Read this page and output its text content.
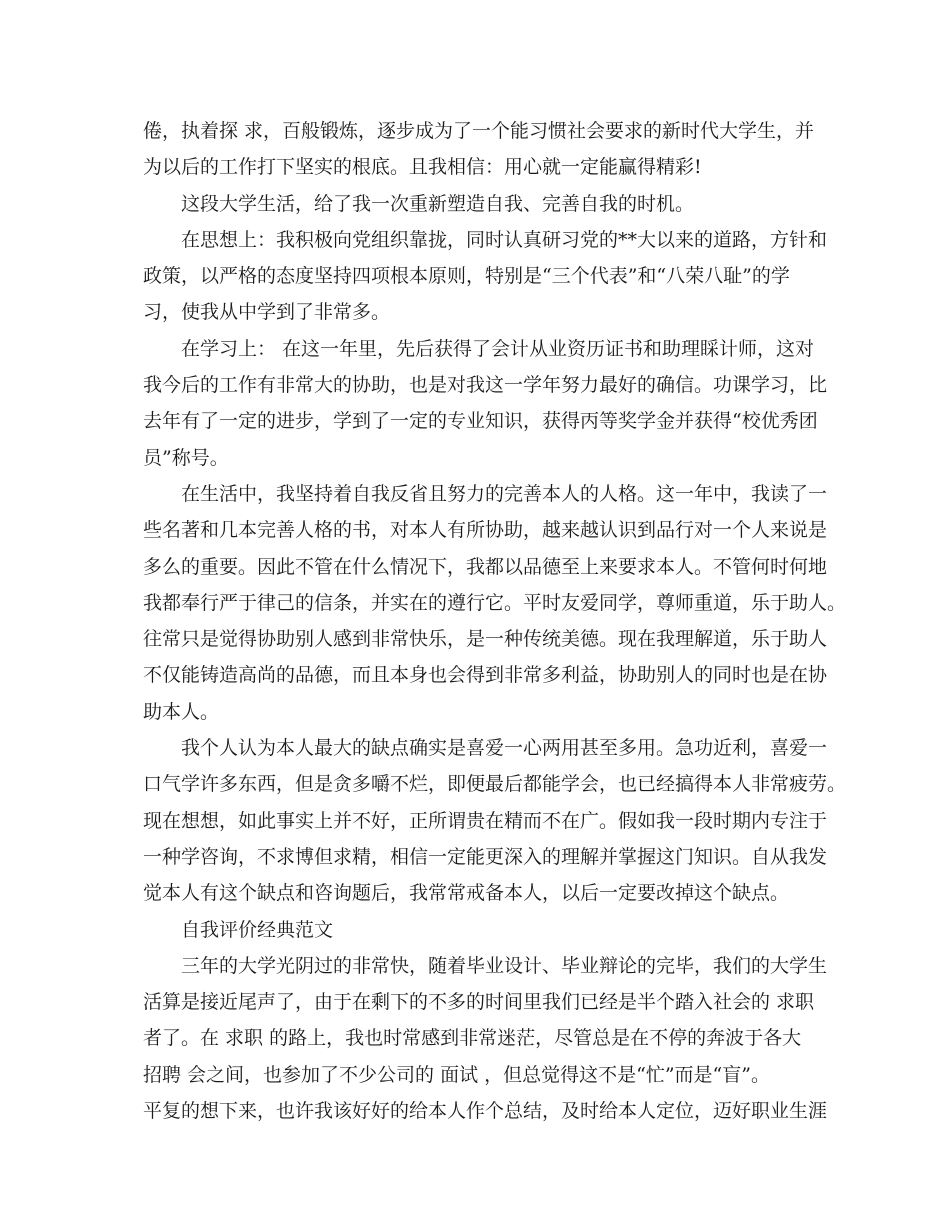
倦，执着探 求，百般锻炼，逐步成为了一个能习惯社会要求的新时代大学生，并
为以后的工作打下坚实的根底。且我相信：用心就一定能赢得精彩!
这段大学生活，给了我一次重新塑造自我、完善自我的时机。
在思想上：我积极向党组织靠拢，同时认真研习党的**大以来的道路，方针和
政策，以严格的态度坚持四项根本原则，特别是“三个代表”和“八荣八耻”的学
习，使我从中学到了非常多。
在学习上： 在这一年里，先后获得了会计从业资历证书和助理睬计师，这对
我今后的工作有非常大的协助，也是对我这一学年努力最好的确信。功课学习，比
去年有了一定的进步，学到了一定的专业知识，获得丙等奖学金并获得“校优秀团
员”称号。
在生活中，我坚持着自我反省且努力的完善本人的人格。这一年中，我读了一
些名著和几本完善人格的书，对本人有所协助，越来越认识到品行对一个人来说是
多么的重要。因此不管在什么情况下，我都以品德至上来要求本人。不管何时何地
我都奉行严于律己的信条，并实在的遵行它。平时友爱同学，尊师重道，乐于助人。
往常只是觉得协助别人感到非常快乐，是一种传统美德。现在我理解道，乐于助人
不仅能铸造高尚的品德，而且本身也会得到非常多利益，协助别人的同时也是在协
助本人。
我个人认为本人最大的缺点确实是喜爱一心两用甚至多用。急功近利，喜爱一
口气学许多东西，但是贪多嚼不烂，即便最后都能学会，也已经搞得本人非常疲劳。
现在想想，如此事实上并不好，正所谓贵在精而不在广。假如我一段时期内专注于
一种学咨询，不求博但求精，相信一定能更深入的理解并掌握这门知识。自从我发
觉本人有这个缺点和咨询题后，我常常戒备本人，以后一定要改掉这个缺点。
自我评价经典范文
三年的大学光阴过的非常快，随着毕业设计、毕业辩论的完毕，我们的大学生
活算是接近尾声了，由于在剩下的不多的时间里我们已经是半个踏入社会的 求职
者了。在 求职 的路上，我也时常感到非常迷茫，尽管总是在不停的奔波于各大
招聘 会之间，也参加了不少公司的 面试 ，但总觉得这不是“忙”而是“盲”。
平复的想下来，也许我该好好的给本人作个总结，及时给本人定位，迈好职业生涯
